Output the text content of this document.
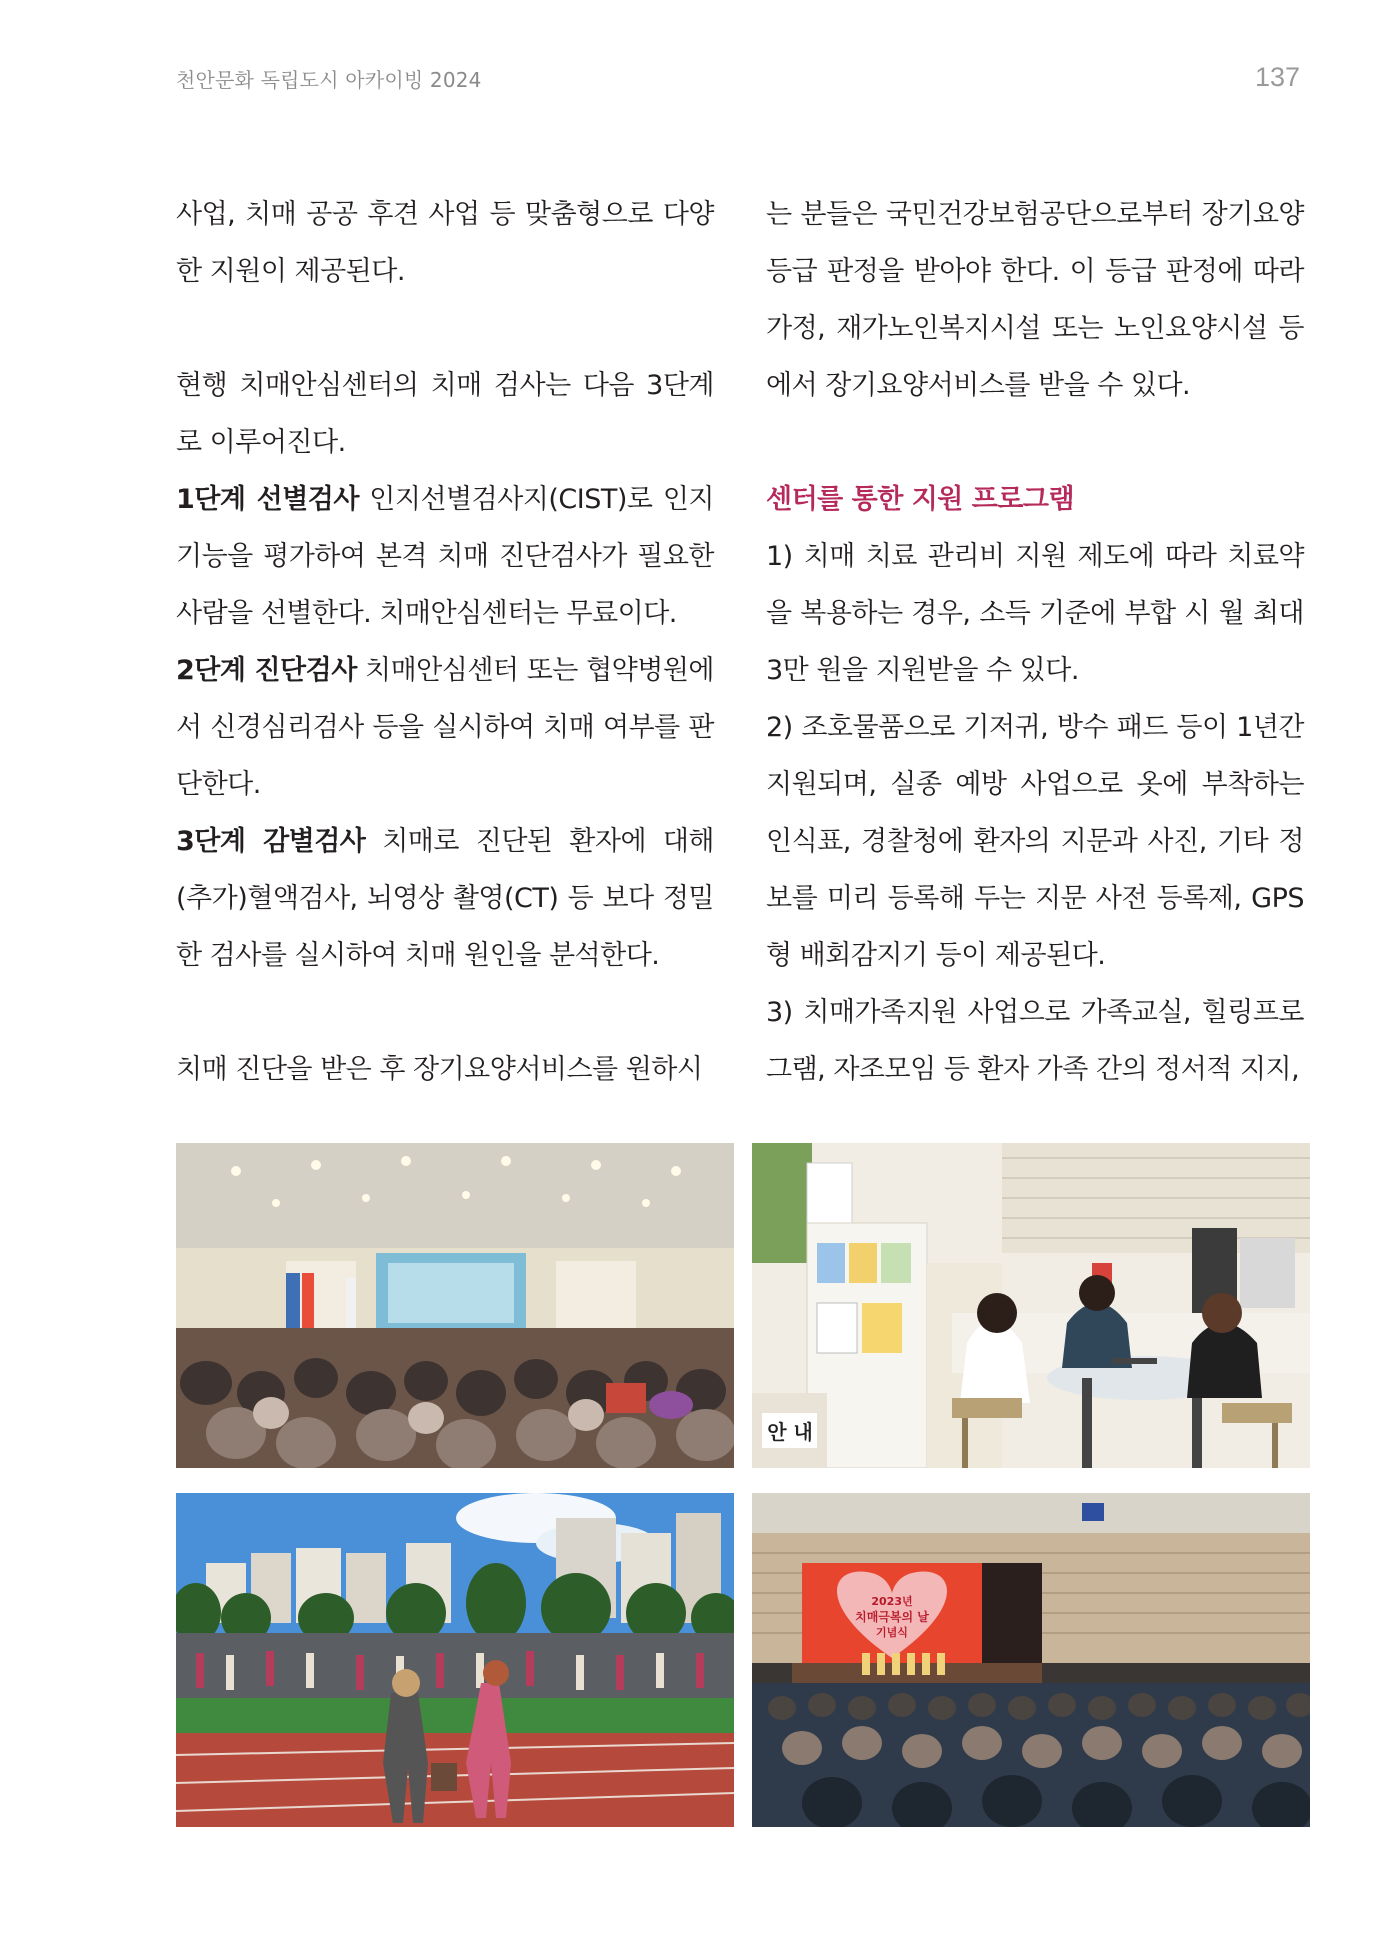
천안문화 독립도시 아카이빙 2024	137

사업, 치매 공공 후견 사업 등 맞춤형으로 다양한 지원이 제공된다.

현행 치매안심센터의 치매 검사는 다음 3단계로 이루어진다.

1단계 선별검사 인지선별검사지(CIST)로 인지기능을 평가하여 본격 치매 진단검사가 필요한 사람을 선별한다. 치매안심센터는 무료이다.

2단계 진단검사 치매안심센터 또는 협약병원에서 신경심리검사 등을 실시하여 치매 여부를 판단한다.

3단계 감별검사 치매로 진단된 환자에 대해 (추가)혈액검사, 뇌영상 촬영(CT) 등 보다 정밀한 검사를 실시하여 치매 원인을 분석한다.

치매 진단을 받은 후 장기요양서비스를 원하시

는 분들은 국민건강보험공단으로부터 장기요양등급 판정을 받아야 한다. 이 등급 판정에 따라 가정, 재가노인복지시설 또는 노인요양시설 등에서 장기요양서비스를 받을 수 있다.

센터를 통한 지원 프로그램

1) 치매 치료 관리비 지원 제도에 따라 치료약을 복용하는 경우, 소득 기준에 부합 시 월 최대 3만 원을 지원받을 수 있다.

2) 조호물품으로 기저귀, 방수 패드 등이 1년간 지원되며, 실종 예방 사업으로 옷에 부착하는 인식표, 경찰청에 환자의 지문과 사진, 기타 정보를 미리 등록해 두는 지문 사전 등록제, GPS형 배회감지기 등이 제공된다.

3) 치매가족지원 사업으로 가족교실, 힐링프로그램, 자조모임 등 환자 가족 간의 정서적 지지,

안 내
2023년
치매극복의 날
기념식
